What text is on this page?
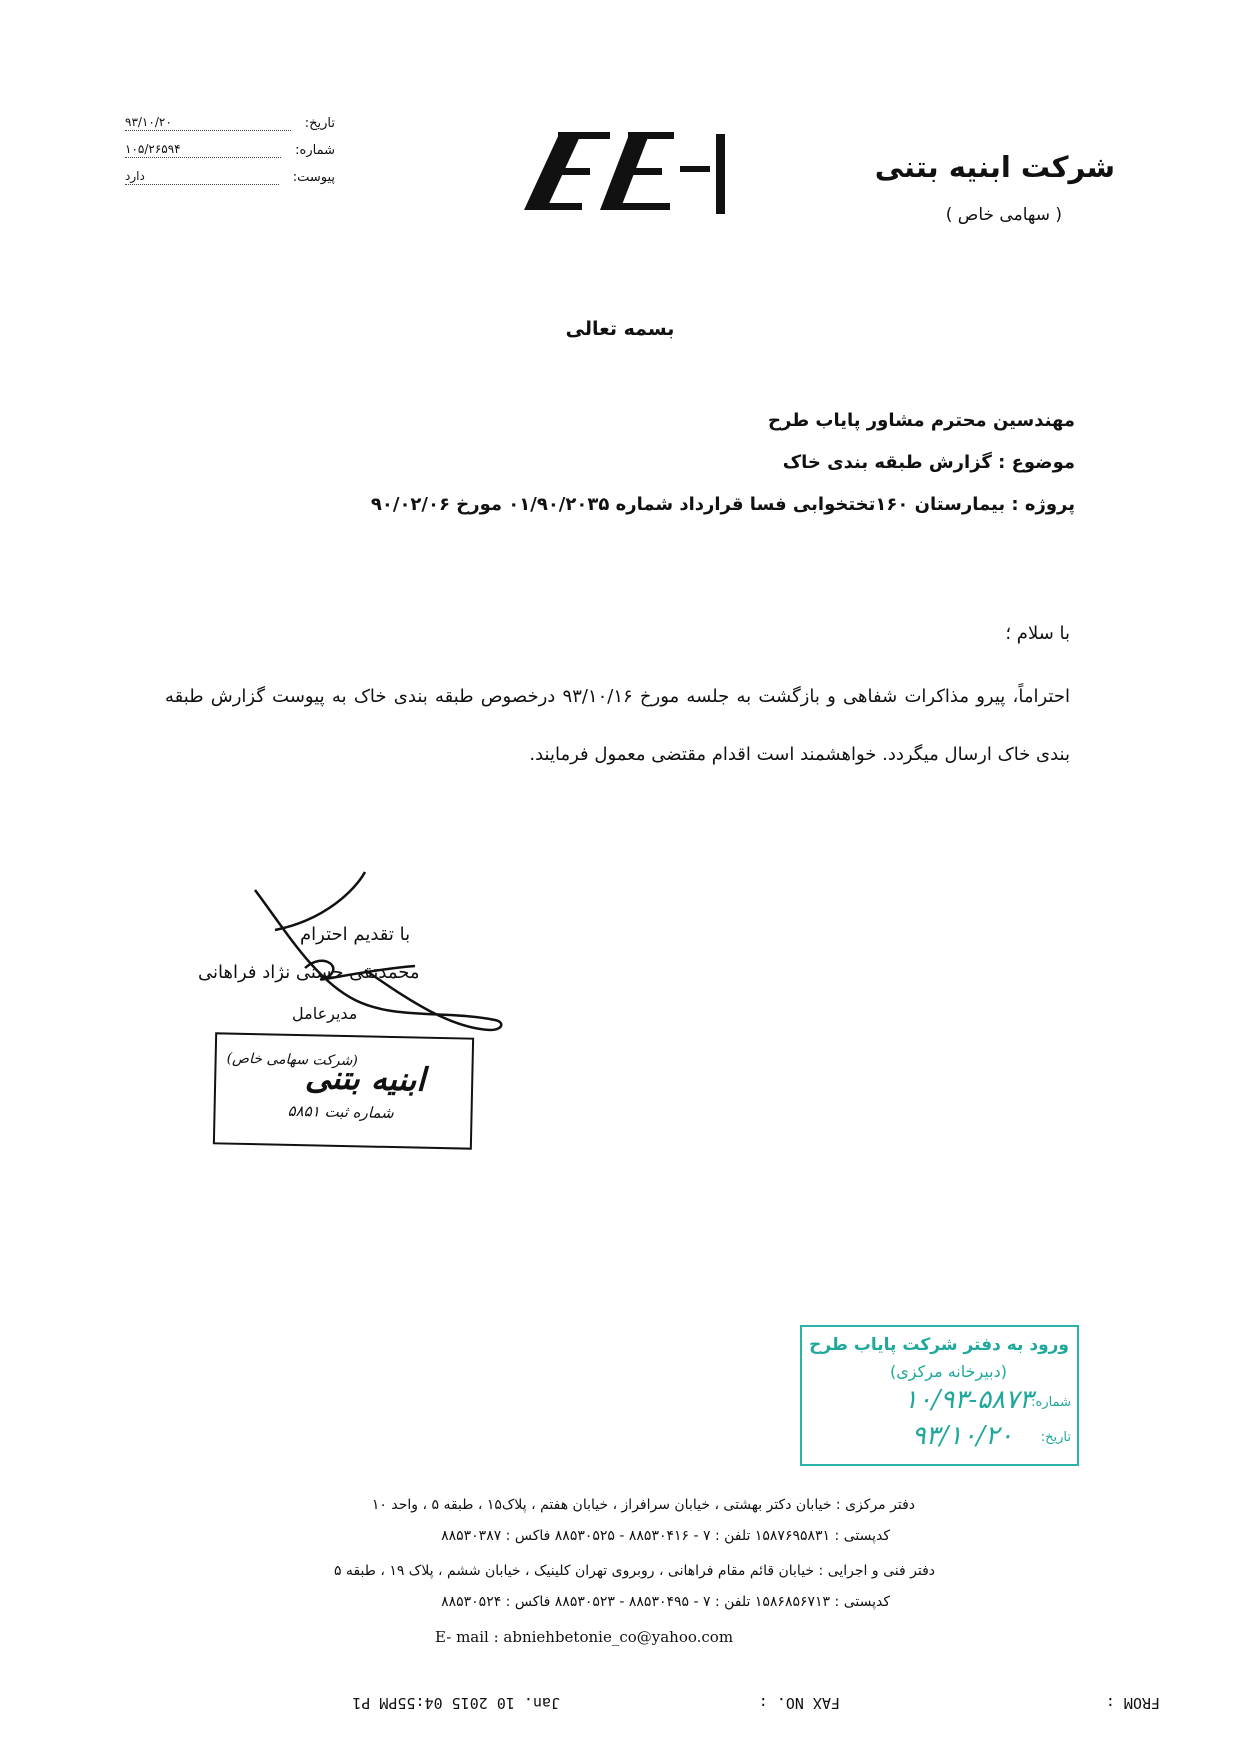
۹۳/۱۰/۲۰	تاریخ:
۱۰۵/۲۶۵۹۴	شماره:
دارد	پیوست:	شرکت ابنیه بتنی
( سهامی خاص )
بسمه تعالی
مهندسین محترم مشاور پایاب طرح
موضوع : گزارش طبقه بندی خاک
پروژه : بیمارستان ۱۶۰تختخوابی فسا قرارداد شماره ۰۱/۹۰/۲۰۳۵ مورخ ۹۰/۰۲/۰۶
با سلام ؛
احتراماً، پیرو مذاکرات شفاهی و بازگشت به جلسه مورخ ۹۳/۱۰/۱۶ درخصوص طبقه بندی خاک به پیوست گزارش طبقه بندی خاک ارسال میگردد. خواهشمند است اقدام مقتضی معمول فرمایند.
با تقدیم احترام
محمدتقی حسنی نژاد فراهانی
مدیرعامل
ابنیه بتنی
(شرکت سهامی خاص)
شماره ثبت ۵۸۵۱
ورود به دفتر شرکت پایاب طرح
(دبیرخانه مرکزی)
شماره:
۱۰/۹۳-۵۸۷۳
تاریخ:
۹۳/۱۰/۲۰
دفتر مرکزی : خیابان دکتر بهشتی ، خیابان سرافراز ، خیابان هفتم ، پلاک۱۵ ، طبقه ۵ ، واحد ۱۰
کدپستی : ۱۵۸۷۶۹۵۸۳۱ تلفن : ۷ - ۸۸۵۳۰۴۱۶ - ۸۸۵۳۰۵۲۵ فاکس : ۸۸۵۳۰۳۸۷
دفتر فنی و اجرایی : خیابان قائم مقام فراهانی ، روبروی تهران کلینیک ، خیابان ششم ، پلاک ۱۹ ، طبقه ۵
کدپستی : ۱۵۸۶۸۵۶۷۱۳ تلفن : ۷ - ۸۸۵۳۰۴۹۵ - ۸۸۵۳۰۵۲۳ فاکس : ۸۸۵۳۰۵۲۴
E- mail : abniehbetonie_co@yahoo.com
FROM :
FAX NO. :
Jan. 10 2015 04:55PM P1
